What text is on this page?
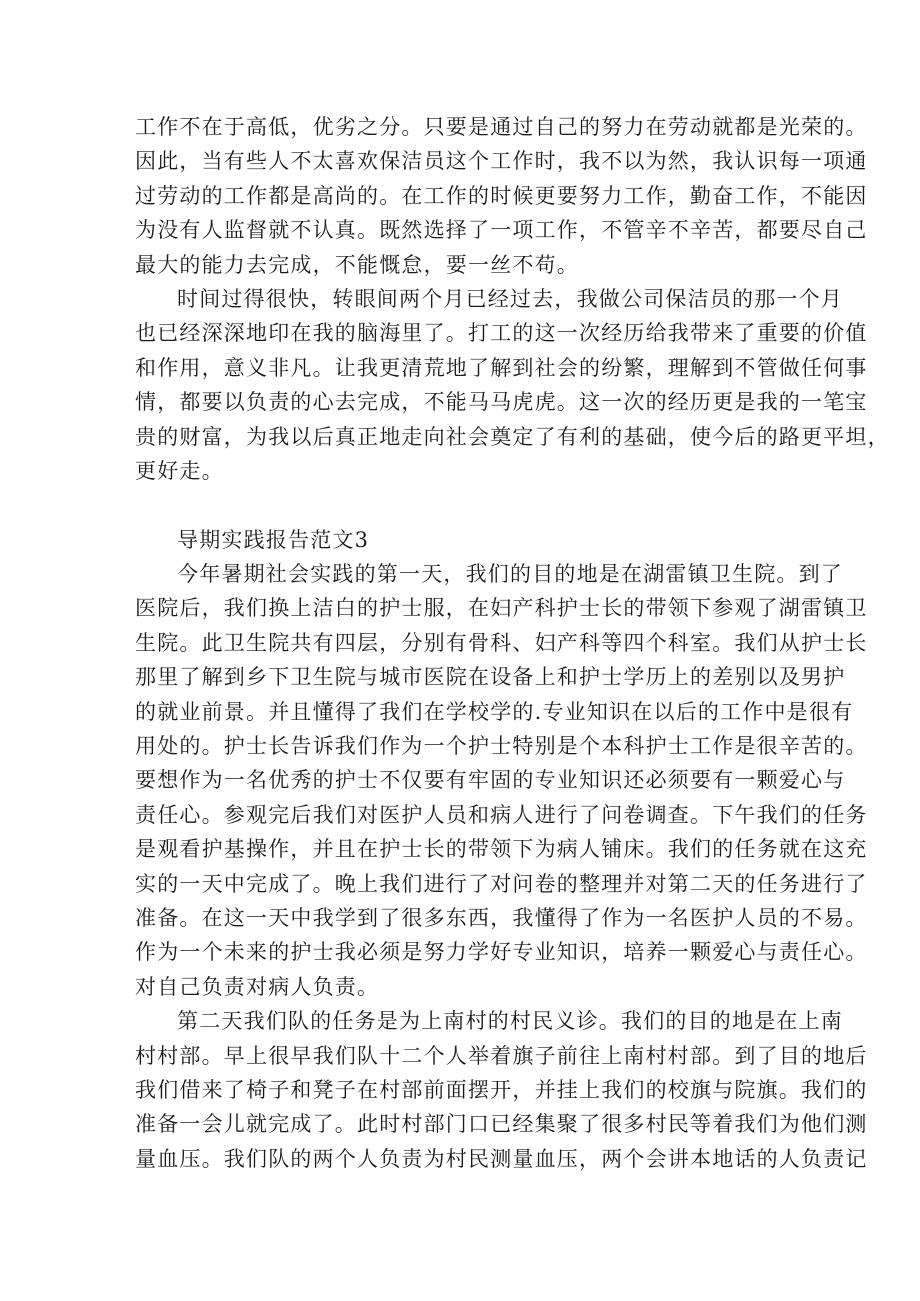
工作不在于高低，优劣之分。只要是通过自己的努力在劳动就都是光荣的。
因此，当有些人不太喜欢保洁员这个工作时，我不以为然，我认识每一项通
过劳动的工作都是高尚的。在工作的时候更要努力工作，勤奋工作，不能因
为没有人监督就不认真。既然选择了一项工作，不管辛不辛苦，都要尽自己
最大的能力去完成，不能慨怠，要一丝不苟。
时间过得很快，转眼间两个月已经过去，我做公司保洁员的那一个月
也已经深深地印在我的脑海里了。打工的这一次经历给我带来了重要的价值
和作用，意义非凡。让我更清荒地了解到社会的纷繁，理解到不管做任何事
情，都要以负责的心去完成，不能马马虎虎。这一次的经历更是我的一笔宝
贵的财富，为我以后真正地走向社会奠定了有利的基础，使今后的路更平坦，
更好走。
导期实践报告范文3
今年暑期社会实践的第一天，我们的目的地是在湖雷镇卫生院。到了
医院后，我们换上洁白的护士服，在妇产科护士长的带领下参观了湖雷镇卫
生院。此卫生院共有四层，分别有骨科、妇产科等四个科室。我们从护士长
那里了解到乡下卫生院与城市医院在设备上和护士学历上的差别以及男护
的就业前景。并且懂得了我们在学校学的.专业知识在以后的工作中是很有
用处的。护士长告诉我们作为一个护士特别是个本科护士工作是很辛苦的。
要想作为一名优秀的护士不仅要有牢固的专业知识还必须要有一颗爱心与
责任心。参观完后我们对医护人员和病人进行了问卷调查。下午我们的任务
是观看护基操作，并且在护士长的带领下为病人铺床。我们的任务就在这充
实的一天中完成了。晚上我们进行了对问卷的整理并对第二天的任务进行了
准备。在这一天中我学到了很多东西，我懂得了作为一名医护人员的不易。
作为一个未来的护士我必须是努力学好专业知识，培养一颗爱心与责任心。
对自己负责对病人负责。
第二天我们队的任务是为上南村的村民义诊。我们的目的地是在上南
村村部。早上很早我们队十二个人举着旗子前往上南村村部。到了目的地后
我们借来了椅子和凳子在村部前面摆开，并挂上我们的校旗与院旗。我们的
准备一会儿就完成了。此时村部门口已经集聚了很多村民等着我们为他们测
量血压。我们队的两个人负责为村民测量血压，两个会讲本地话的人负责记
